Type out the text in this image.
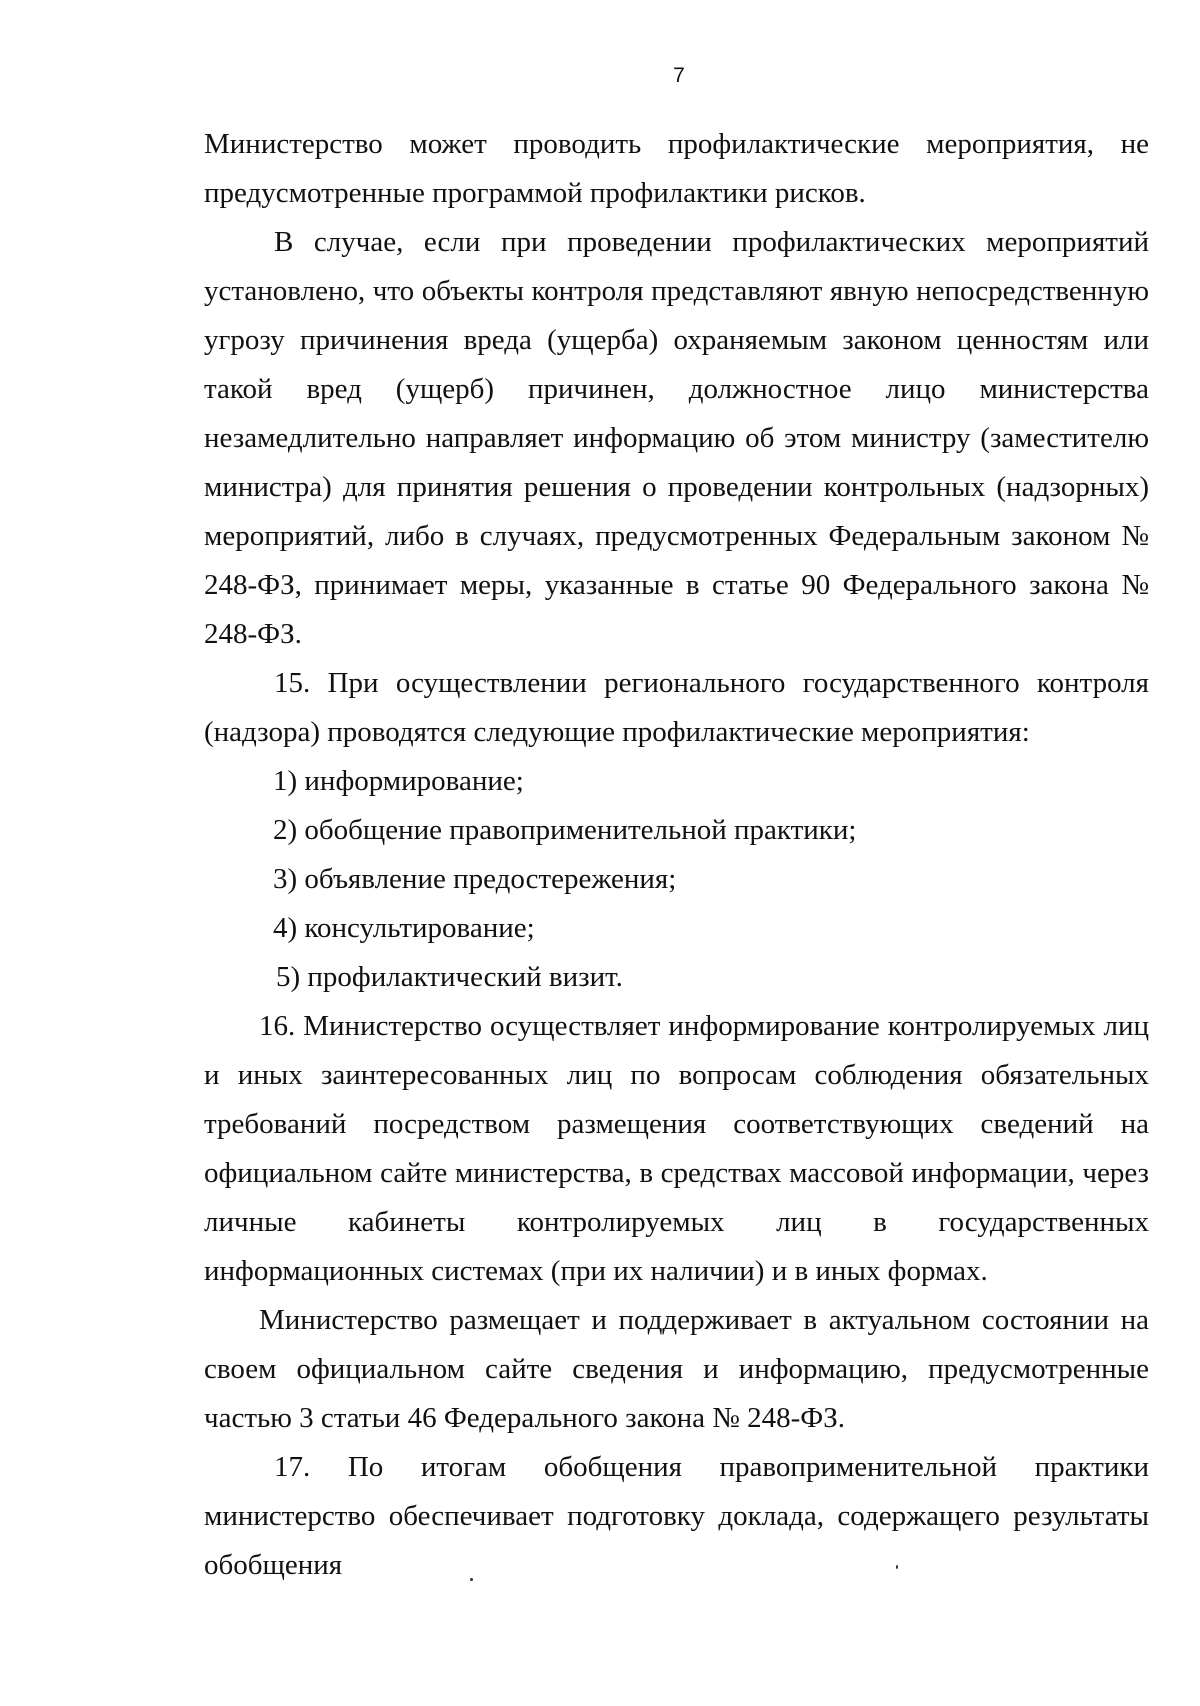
7

Министерство может проводить профилактические мероприятия, не предусмотренные программой профилактики рисков.

В случае, если при проведении профилактических мероприятий установлено, что объекты контроля представляют явную непосредственную угрозу причинения вреда (ущерба) охраняемым законом ценностям или такой вред (ущерб) причинен, должностное лицо министерства незамедлительно направляет информацию об этом министру (заместителю министра) для принятия решения о проведении контрольных (надзорных) мероприятий, либо в случаях, предусмотренных Федеральным законом № 248-ФЗ, принимает меры, указанные в статье 90 Федерального закона № 248-ФЗ.

15. При осуществлении регионального государственного контроля (надзора) проводятся следующие профилактические мероприятия:

1) информирование;

2) обобщение правоприменительной практики;

3) объявление предостережения;

4) консультирование;

5) профилактический визит.

16. Министерство осуществляет информирование контролируемых лиц и иных заинтересованных лиц по вопросам соблюдения обязательных требований посредством размещения соответствующих сведений на официальном сайте министерства, в средствах массовой информации, через личные кабинеты контролируемых лиц в государственных информационных системах (при их наличии) и в иных формах.

Министерство размещает и поддерживает в актуальном состоянии на своем официальном сайте сведения и информацию, предусмотренные частью 3 статьи 46 Федерального закона № 248-ФЗ.

17. По итогам обобщения правоприменительной практики министерство обеспечивает подготовку доклада, содержащего результаты обобщения
